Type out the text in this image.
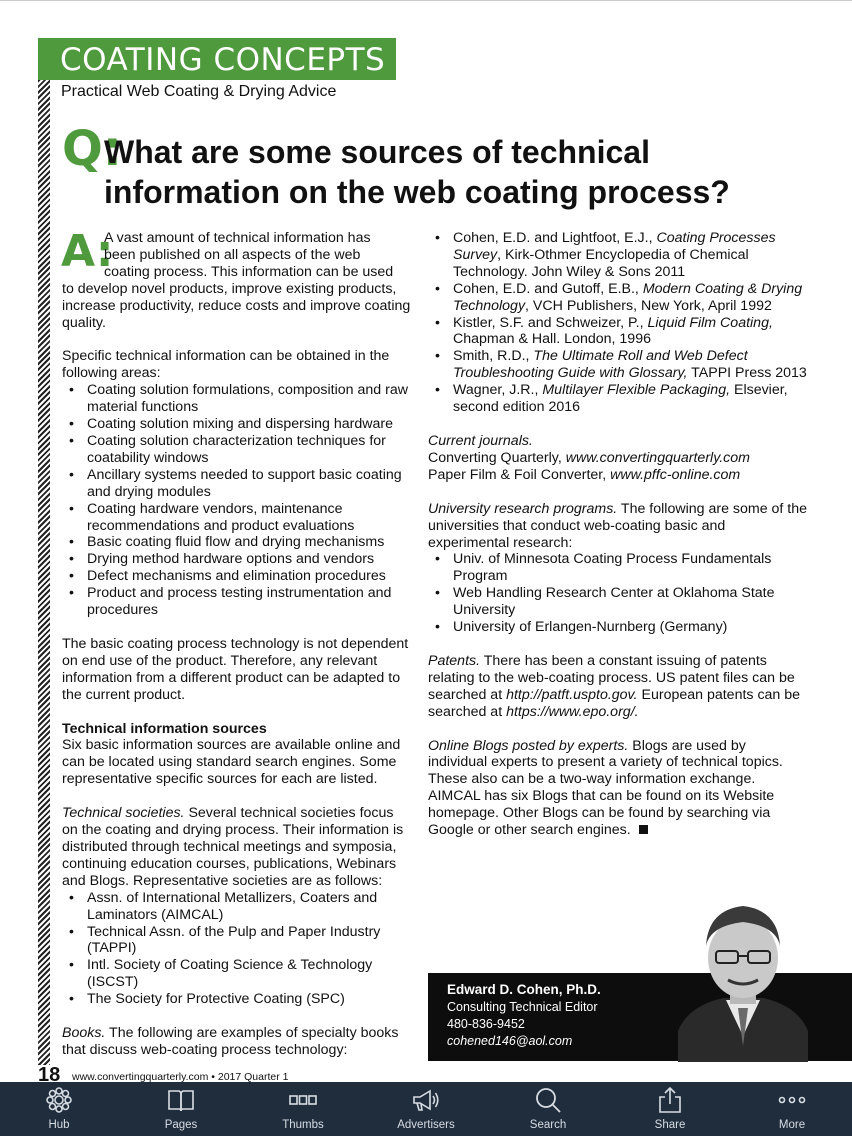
COATING CONCEPTS
Practical Web Coating & Drying Advice
Q:
What are some sources of technical information on the web coating process?
A:

A vast amount of technical information has

been published on all aspects of the web

coating process. This information can be used

to develop novel products, improve existing products, increase productivity, reduce costs and improve coating quality.

Specific technical information can be obtained in the following areas:

• Coating solution formulations, composition and raw material functions
• Coating solution mixing and dispersing hardware
• Coating solution characterization techniques for coatability windows
• Ancillary systems needed to support basic coating and drying modules
• Coating hardware vendors, maintenance recommendations and product evaluations
• Basic coating fluid flow and drying mechanisms
• Drying method hardware options and vendors
• Defect mechanisms and elimination procedures
• Product and process testing instrumentation and procedures

The basic coating process technology is not dependent on end use of the product. Therefore, any relevant information from a different product can be adapted to the current product.

Technical information sources

Six basic information sources are available online and can be located using standard search engines. Some representative specific sources for each are listed.

Technical societies. Several technical societies focus on the coating and drying process. Their information is distributed through technical meetings and symposia, continuing education courses, publications, Webinars and Blogs. Representative societies are as follows:

• Assn. of International Metallizers, Coaters and Laminators (AIMCAL)
• Technical Assn. of the Pulp and Paper Industry (TAPPI)
• Intl. Society of Coating Science & Technology (ISCST)
• The Society for Protective Coating (SPC)

Books. The following are examples of specialty books that discuss web-coating process technology:

• Cohen, E.D. and Lightfoot, E.J., Coating Processes Survey, Kirk-Othmer Encyclopedia of Chemical Technology. John Wiley & Sons 2011
• Cohen, E.D. and Gutoff, E.B., Modern Coating & Drying Technology, VCH Publishers, New York, April 1992
• Kistler, S.F. and Schweizer, P., Liquid Film Coating, Chapman & Hall. London, 1996
• Smith, R.D., The Ultimate Roll and Web Defect Troubleshooting Guide with Glossary, TAPPI Press 2013
• Wagner, J.R., Multilayer Flexible Packaging, Elsevier, second edition 2016

Current journals.

Converting Quarterly, www.convertingquarterly.com

Paper Film & Foil Converter, www.pffc-online.com

University research programs. The following are some of the universities that conduct web-coating basic and experimental research:

• Univ. of Minnesota Coating Process Fundamentals Program
• Web Handling Research Center at Oklahoma State University
• University of Erlangen-Nurnberg (Germany)

Patents. There has been a constant issuing of patents relating to the web-coating process. US patent files can be searched at http://patft.uspto.gov. European patents can be searched at https://www.epo.org/.

Online Blogs posted by experts. Blogs are used by individual experts to present a variety of technical topics. These also can be a two-way information exchange. AIMCAL has six Blogs that can be found on its Website homepage. Other Blogs can be found by searching via Google or other search engines.

Edward D. Cohen, Ph.D.
Consulting Technical Editor
480-836-9452
cohened146@aol.com
18 www.convertingquarterly.com • 2017 Quarter 1
Hub	Pages	Thumbs	Advertisers	Search	Share	More
